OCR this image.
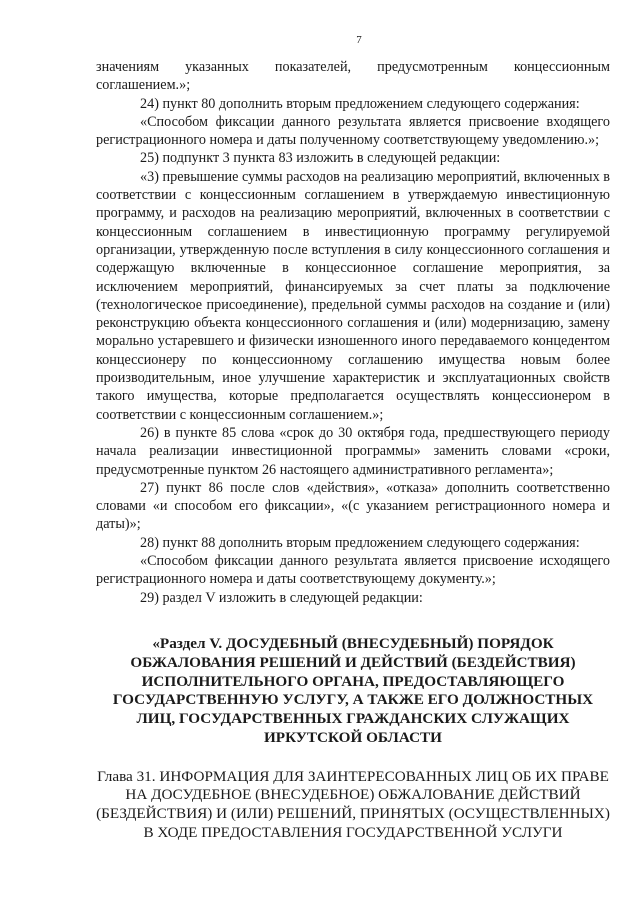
7

значениям указанных показателей, предусмотренным концессионным соглашением.»;

24) пункт 80 дополнить вторым предложением следующего содержания:

«Способом фиксации данного результата является присвоение входящего регистрационного номера и даты полученному соответствующему уведомлению.»;

25) подпункт 3 пункта 83 изложить в следующей редакции:

«3) превышение суммы расходов на реализацию мероприятий, включенных в соответствии с концессионным соглашением в утверждаемую инвестиционную программу, и расходов на реализацию мероприятий, включенных в соответствии с концессионным соглашением в инвестиционную программу регулируемой организации, утвержденную после вступления в силу концессионного соглашения и содержащую включенные в концессионное соглашение мероприятия, за исключением мероприятий, финансируемых за счет платы за подключение (технологическое присоединение), предельной суммы расходов на создание и (или) реконструкцию объекта концессионного соглашения и (или) модернизацию, замену морально устаревшего и физически изношенного иного передаваемого концедентом концессионеру по концессионному соглашению имущества новым более производительным, иное улучшение характеристик и эксплуатационных свойств такого имущества, которые предполагается осуществлять концессионером в соответствии с концессионным соглашением.»;

26) в пункте 85 слова «срок до 30 октября года, предшествующего периоду начала реализации инвестиционной программы» заменить словами «сроки, предусмотренные пунктом 26 настоящего административного регламента»;

27) пункт 86 после слов «действия», «отказа» дополнить соответственно словами «и способом его фиксации», «(с указанием регистрационного номера и даты)»;

28) пункт 88 дополнить вторым предложением следующего содержания:

«Способом фиксации данного результата является присвоение исходящего регистрационного номера и даты соответствующему документу.»;

29) раздел V изложить в следующей редакции:

«Раздел V. ДОСУДЕБНЫЙ (ВНЕСУДЕБНЫЙ) ПОРЯДОК ОБЖАЛОВАНИЯ РЕШЕНИЙ И ДЕЙСТВИЙ (БЕЗДЕЙСТВИЯ) ИСПОЛНИТЕЛЬНОГО ОРГАНА, ПРЕДОСТАВЛЯЮЩЕГО ГОСУДАРСТВЕННУЮ УСЛУГУ, А ТАКЖЕ ЕГО ДОЛЖНОСТНЫХ ЛИЦ, ГОСУДАРСТВЕННЫХ ГРАЖДАНСКИХ СЛУЖАЩИХ ИРКУТСКОЙ ОБЛАСТИ
Глава 31. ИНФОРМАЦИЯ ДЛЯ ЗАИНТЕРЕСОВАННЫХ ЛИЦ ОБ ИХ ПРАВЕ НА ДОСУДЕБНОЕ (ВНЕСУДЕБНОЕ) ОБЖАЛОВАНИЕ ДЕЙСТВИЙ (БЕЗДЕЙСТВИЯ) И (ИЛИ) РЕШЕНИЙ, ПРИНЯТЫХ (ОСУЩЕСТВЛЕННЫХ) В ХОДЕ ПРЕДОСТАВЛЕНИЯ ГОСУДАРСТВЕННОЙ УСЛУГИ
